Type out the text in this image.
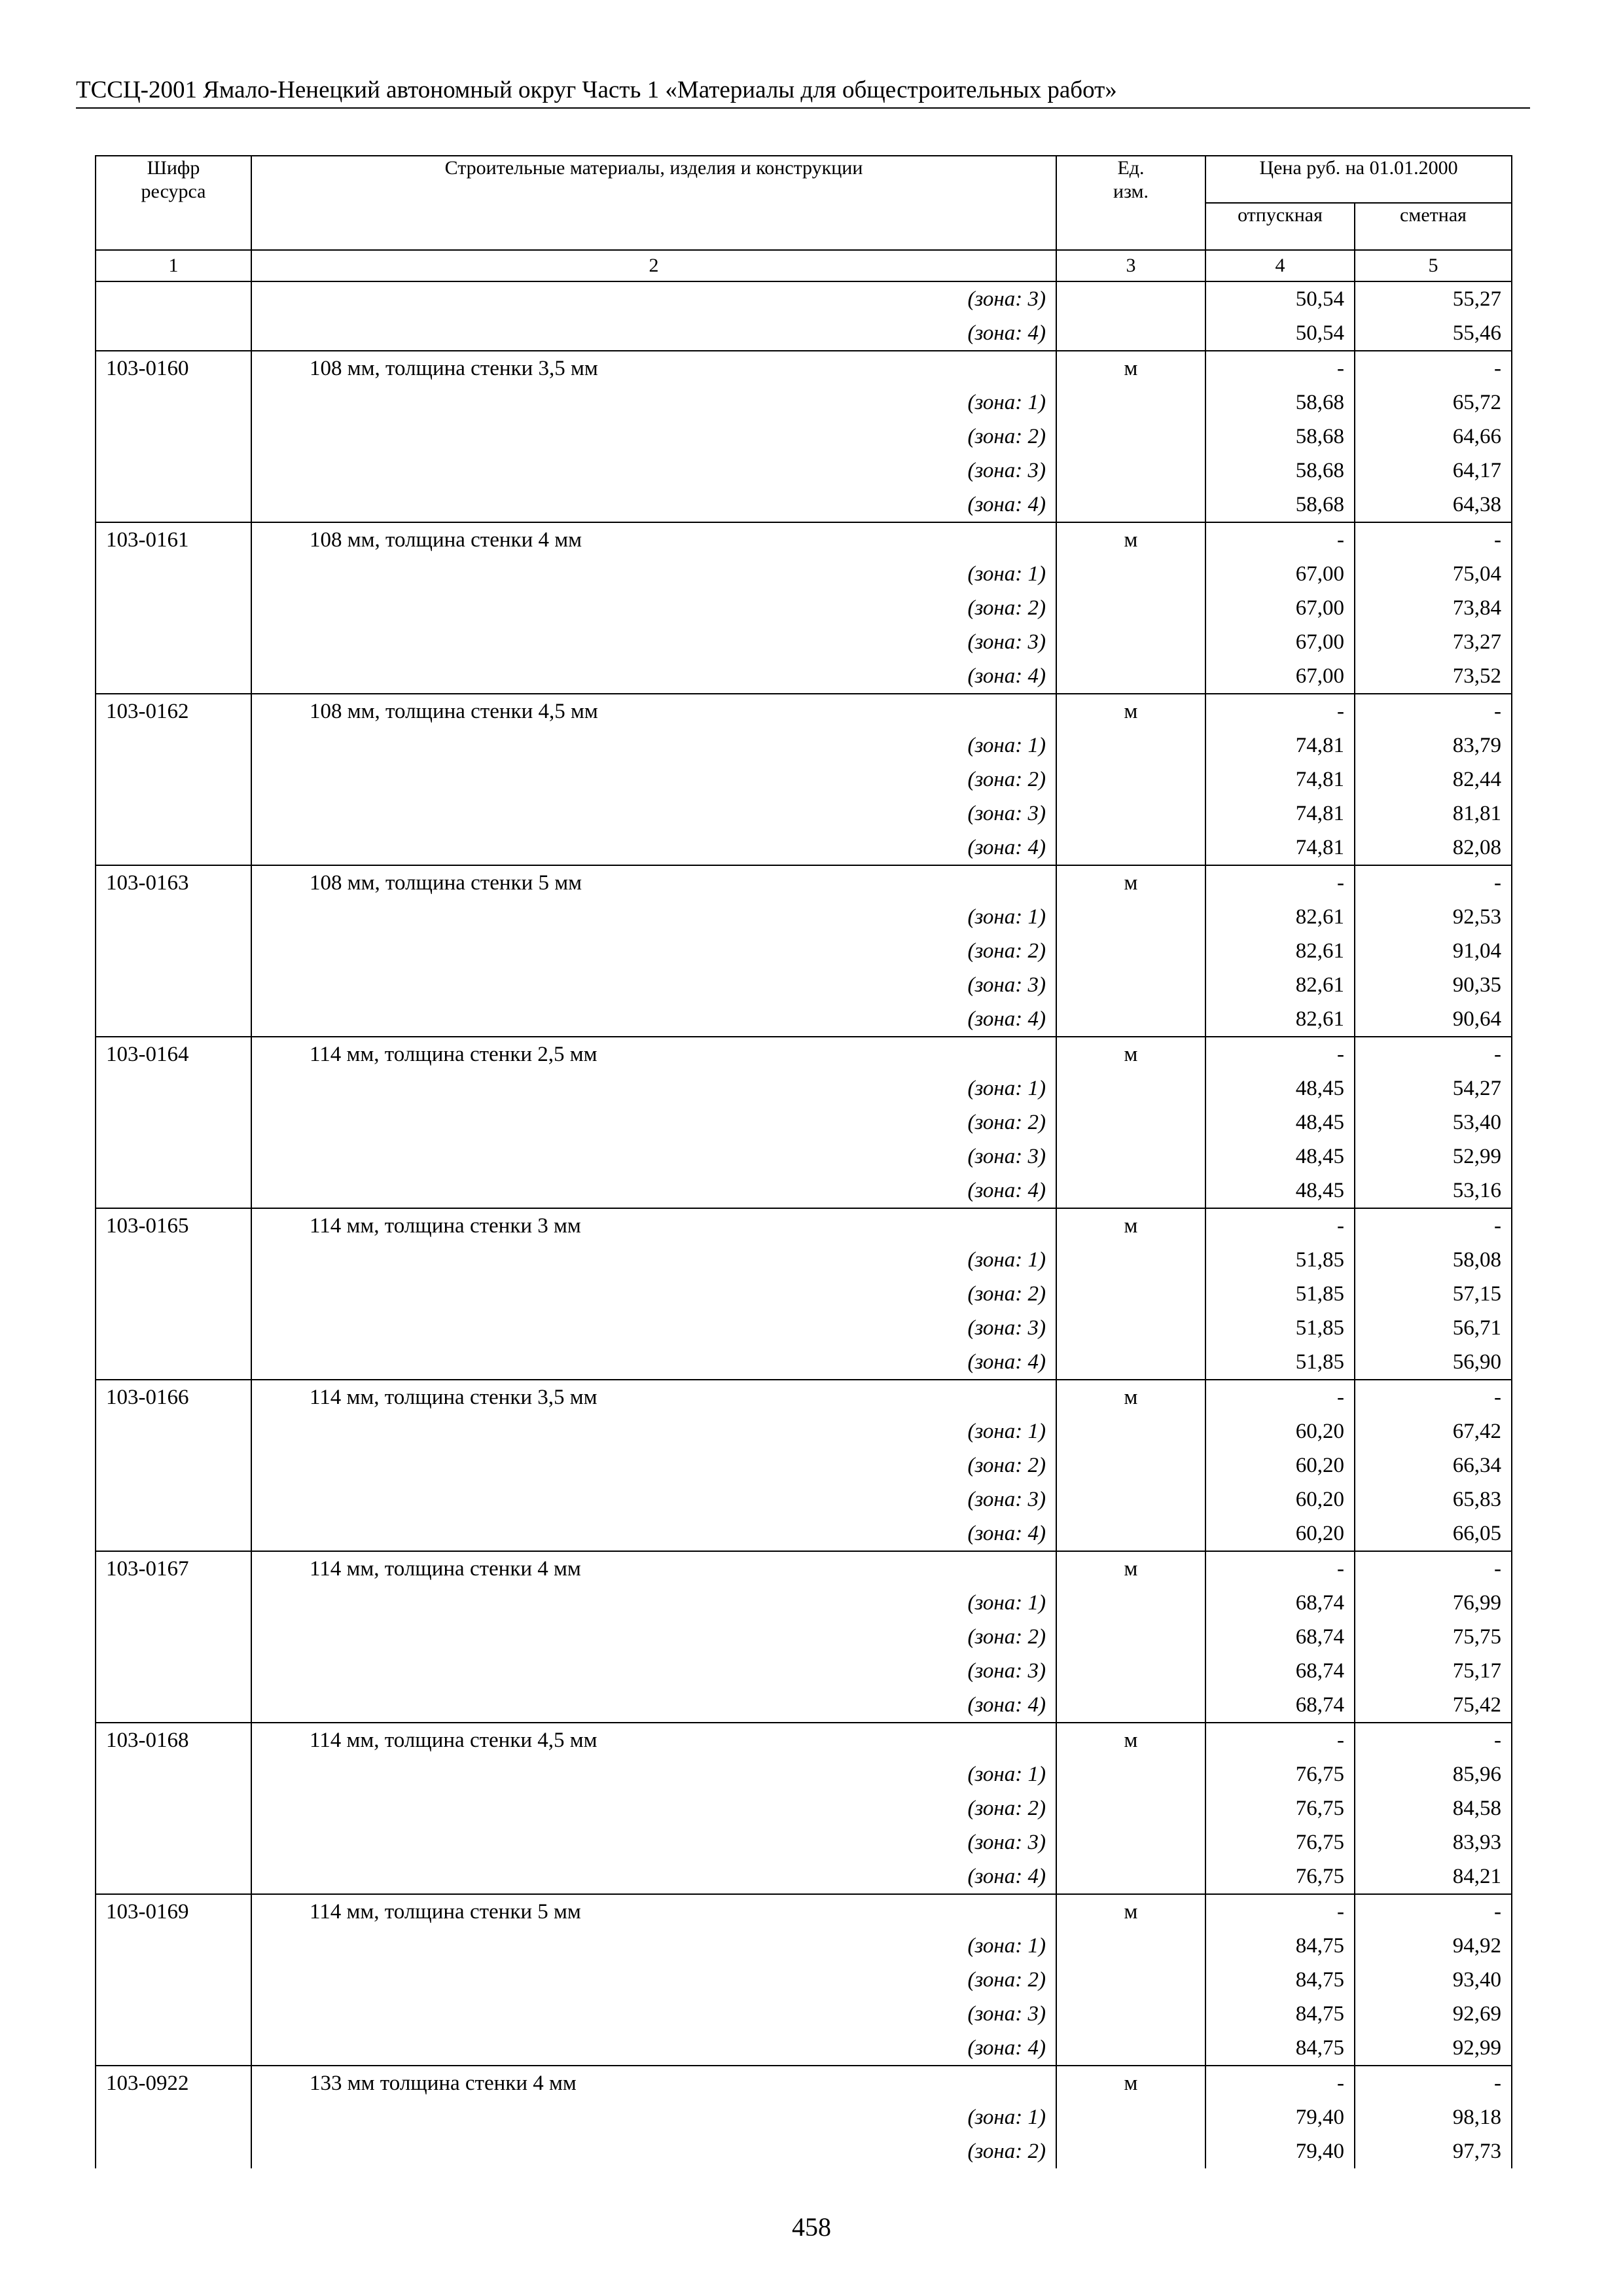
ТССЦ-2001 Ямало-Ненецкий автономный округ Часть 1 «Материалы для общестроительных работ»
Шифр ресурса	Строительные материалы, изделия и конструкции	Ед. изм.	Цена руб. на 01.01.2000	
			отпускная	сметная
1	2	3	4	5
	(зона: 3)		50,54	55,27
	(зона: 4)		50,54	55,46
103-0160	108 мм, толщина стенки 3,5 мм	м	-	-
	(зона: 1)		58,68	65,72
	(зона: 2)		58,68	64,66
	(зона: 3)		58,68	64,17
	(зона: 4)		58,68	64,38
103-0161	108 мм, толщина стенки 4 мм	м	-	-
	(зона: 1)		67,00	75,04
	(зона: 2)		67,00	73,84
	(зона: 3)		67,00	73,27
	(зона: 4)		67,00	73,52
103-0162	108 мм, толщина стенки 4,5 мм	м	-	-
	(зона: 1)		74,81	83,79
	(зона: 2)		74,81	82,44
	(зона: 3)		74,81	81,81
	(зона: 4)		74,81	82,08
103-0163	108 мм, толщина стенки 5 мм	м	-	-
	(зона: 1)		82,61	92,53
	(зона: 2)		82,61	91,04
	(зона: 3)		82,61	90,35
	(зона: 4)		82,61	90,64
103-0164	114 мм, толщина стенки 2,5 мм	м	-	-
	(зона: 1)		48,45	54,27
	(зона: 2)		48,45	53,40
	(зона: 3)		48,45	52,99
	(зона: 4)		48,45	53,16
103-0165	114 мм, толщина стенки 3 мм	м	-	-
	(зона: 1)		51,85	58,08
	(зона: 2)		51,85	57,15
	(зона: 3)		51,85	56,71
	(зона: 4)		51,85	56,90
103-0166	114 мм, толщина стенки 3,5 мм	м	-	-
	(зона: 1)		60,20	67,42
	(зона: 2)		60,20	66,34
	(зона: 3)		60,20	65,83
	(зона: 4)		60,20	66,05
103-0167	114 мм, толщина стенки 4 мм	м	-	-
	(зона: 1)		68,74	76,99
	(зона: 2)		68,74	75,75
	(зона: 3)		68,74	75,17
	(зона: 4)		68,74	75,42
103-0168	114 мм, толщина стенки 4,5 мм	м	-	-
	(зона: 1)		76,75	85,96
	(зона: 2)		76,75	84,58
	(зона: 3)		76,75	83,93
	(зона: 4)		76,75	84,21
103-0169	114 мм, толщина стенки 5 мм	м	-	-
	(зона: 1)		84,75	94,92
	(зона: 2)		84,75	93,40
	(зона: 3)		84,75	92,69
	(зона: 4)		84,75	92,99
103-0922	133 мм толщина стенки 4 мм	м	-	-
	(зона: 1)		79,40	98,18
	(зона: 2)		79,40	97,73
458
